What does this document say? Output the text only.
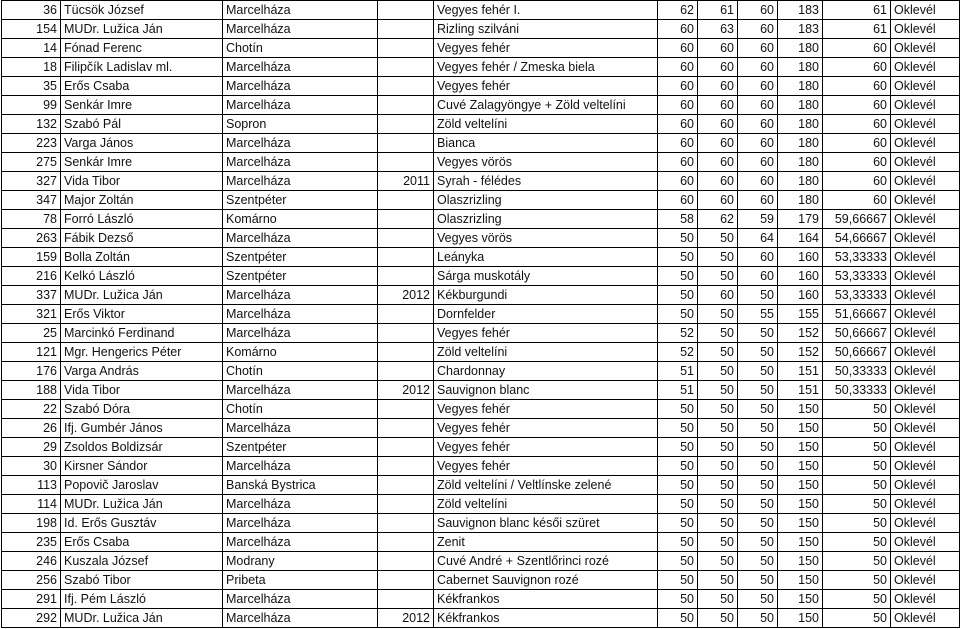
36	Tücsök József	Marcelháza		Vegyes fehér I.	62	61	60	183	61	Oklevél
154	MUDr. Lužica Ján	Marcelháza		Rizling szilváni	60	63	60	183	61	Oklevél
14	Fónad Ferenc	Chotín		Vegyes fehér	60	60	60	180	60	Oklevél
18	Filipčík Ladislav ml.	Marcelháza		Vegyes fehér / Zmeska biela	60	60	60	180	60	Oklevél
35	Erős Csaba	Marcelháza		Vegyes fehér	60	60	60	180	60	Oklevél
99	Senkár Imre	Marcelháza		Cuvé Zalagyöngye + Zöld veltelíni	60	60	60	180	60	Oklevél
132	Szabó Pál	Sopron		Zöld veltelíni	60	60	60	180	60	Oklevél
223	Varga János	Marcelháza		Bianca	60	60	60	180	60	Oklevél
275	Senkár Imre	Marcelháza		Vegyes vörös	60	60	60	180	60	Oklevél
327	Vida Tibor	Marcelháza	2011	Syrah - félédes	60	60	60	180	60	Oklevél
347	Major Zoltán	Szentpéter		Olaszrizling	60	60	60	180	60	Oklevél
78	Forró László	Komárno		Olaszrizling	58	62	59	179	59,66667	Oklevél
263	Fábik Dezső	Marcelháza		Vegyes vörös	50	50	64	164	54,66667	Oklevél
159	Bolla Zoltán	Szentpéter		Leányka	50	50	60	160	53,33333	Oklevél
216	Kelkó László	Szentpéter		Sárga muskotály	50	50	60	160	53,33333	Oklevél
337	MUDr. Lužica Ján	Marcelháza	2012	Kékburgundi	50	60	50	160	53,33333	Oklevél
321	Erős Viktor	Marcelháza		Dornfelder	50	50	55	155	51,66667	Oklevél
25	Marcinkó Ferdinand	Marcelháza		Vegyes fehér	52	50	50	152	50,66667	Oklevél
121	Mgr. Hengerics Péter	Komárno		Zöld veltelíni	52	50	50	152	50,66667	Oklevél
176	Varga András	Chotín		Chardonnay	51	50	50	151	50,33333	Oklevél
188	Vida Tibor	Marcelháza	2012	Sauvignon blanc	51	50	50	151	50,33333	Oklevél
22	Szabó Dóra	Chotín		Vegyes fehér	50	50	50	150	50	Oklevél
26	Ifj. Gumbér János	Marcelháza		Vegyes fehér	50	50	50	150	50	Oklevél
29	Zsoldos Boldizsár	Szentpéter		Vegyes fehér	50	50	50	150	50	Oklevél
30	Kirsner Sándor	Marcelháza		Vegyes fehér	50	50	50	150	50	Oklevél
113	Popovič Jaroslav	Banská Bystrica		Zöld veltelíni / Veltlínske zelené	50	50	50	150	50	Oklevél
114	MUDr. Lužica Ján	Marcelháza		Zöld veltelíni	50	50	50	150	50	Oklevél
198	Id. Erős Gusztáv	Marcelháza		Sauvignon blanc késői szüret	50	50	50	150	50	Oklevél
235	Erős Csaba	Marcelháza		Zenit	50	50	50	150	50	Oklevél
246	Kuszala József	Modrany		Cuvé André + Szentlőrinci rozé	50	50	50	150	50	Oklevél
256	Szabó Tibor	Pribeta		Cabernet Sauvignon rozé	50	50	50	150	50	Oklevél
291	Ifj. Pém László	Marcelháza		Kékfrankos	50	50	50	150	50	Oklevél
292	MUDr. Lužica Ján	Marcelháza	2012	Kékfrankos	50	50	50	150	50	Oklevél
